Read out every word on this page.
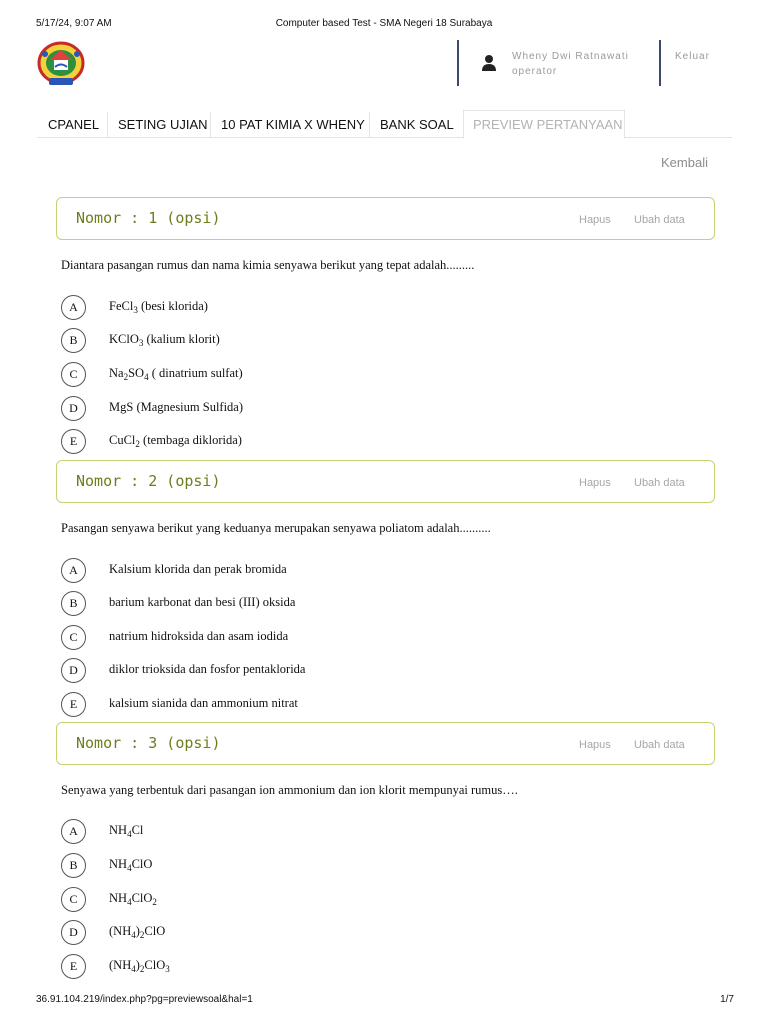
5/17/24, 9:07 AM	Computer based Test - SMA Negeri 18 Surabaya
Wheny Dwi Ratnawati
operator
Keluar
CPANEL SETING UJIAN 10 PAT KIMIA X WHENY BANK SOAL PREVIEW PERTANYAAN
Kembali
Nomor : 1 (opsi)	Hapus Ubah data
Diantara pasangan rumus dan nama kimia senyawa berikut yang tepat adalah.........
A	FeCl$_3$ (besi klorida)
B	KClO$_3$ (kalium klorit)
C	$Na_2SO_4$ ( dinatrium sulfat)
D	MgS (Magnesium Sulfida)
E	CuCl$_2$ (tembaga diklorida)
Nomor : 2 (opsi)	Hapus Ubah data
Pasangan senyawa berikut yang keduanya merupakan senyawa poliatom adalah..........
A	Kalsium klorida dan perak bromida
B	barium karbonat dan besi (III) oksida
C	natrium hidroksida dan asam iodida
D	diklor trioksida dan fosfor pentaklorida
E	kalsium sianida dan ammonium nitrat
Nomor : 3 (opsi)	Hapus Ubah data
Senyawa yang terbentuk dari pasangan ion ammonium dan ion klorit mempunyai rumus….
A	$NH_4Cl$
B	$NH_4ClO$
C	$NH_4ClO_2$
D	$(NH_4)_2ClO$
E	$(NH_4)_2ClO_3$
36.91.104.219/index.php?pg=previewsoal&hal=1	1/7
